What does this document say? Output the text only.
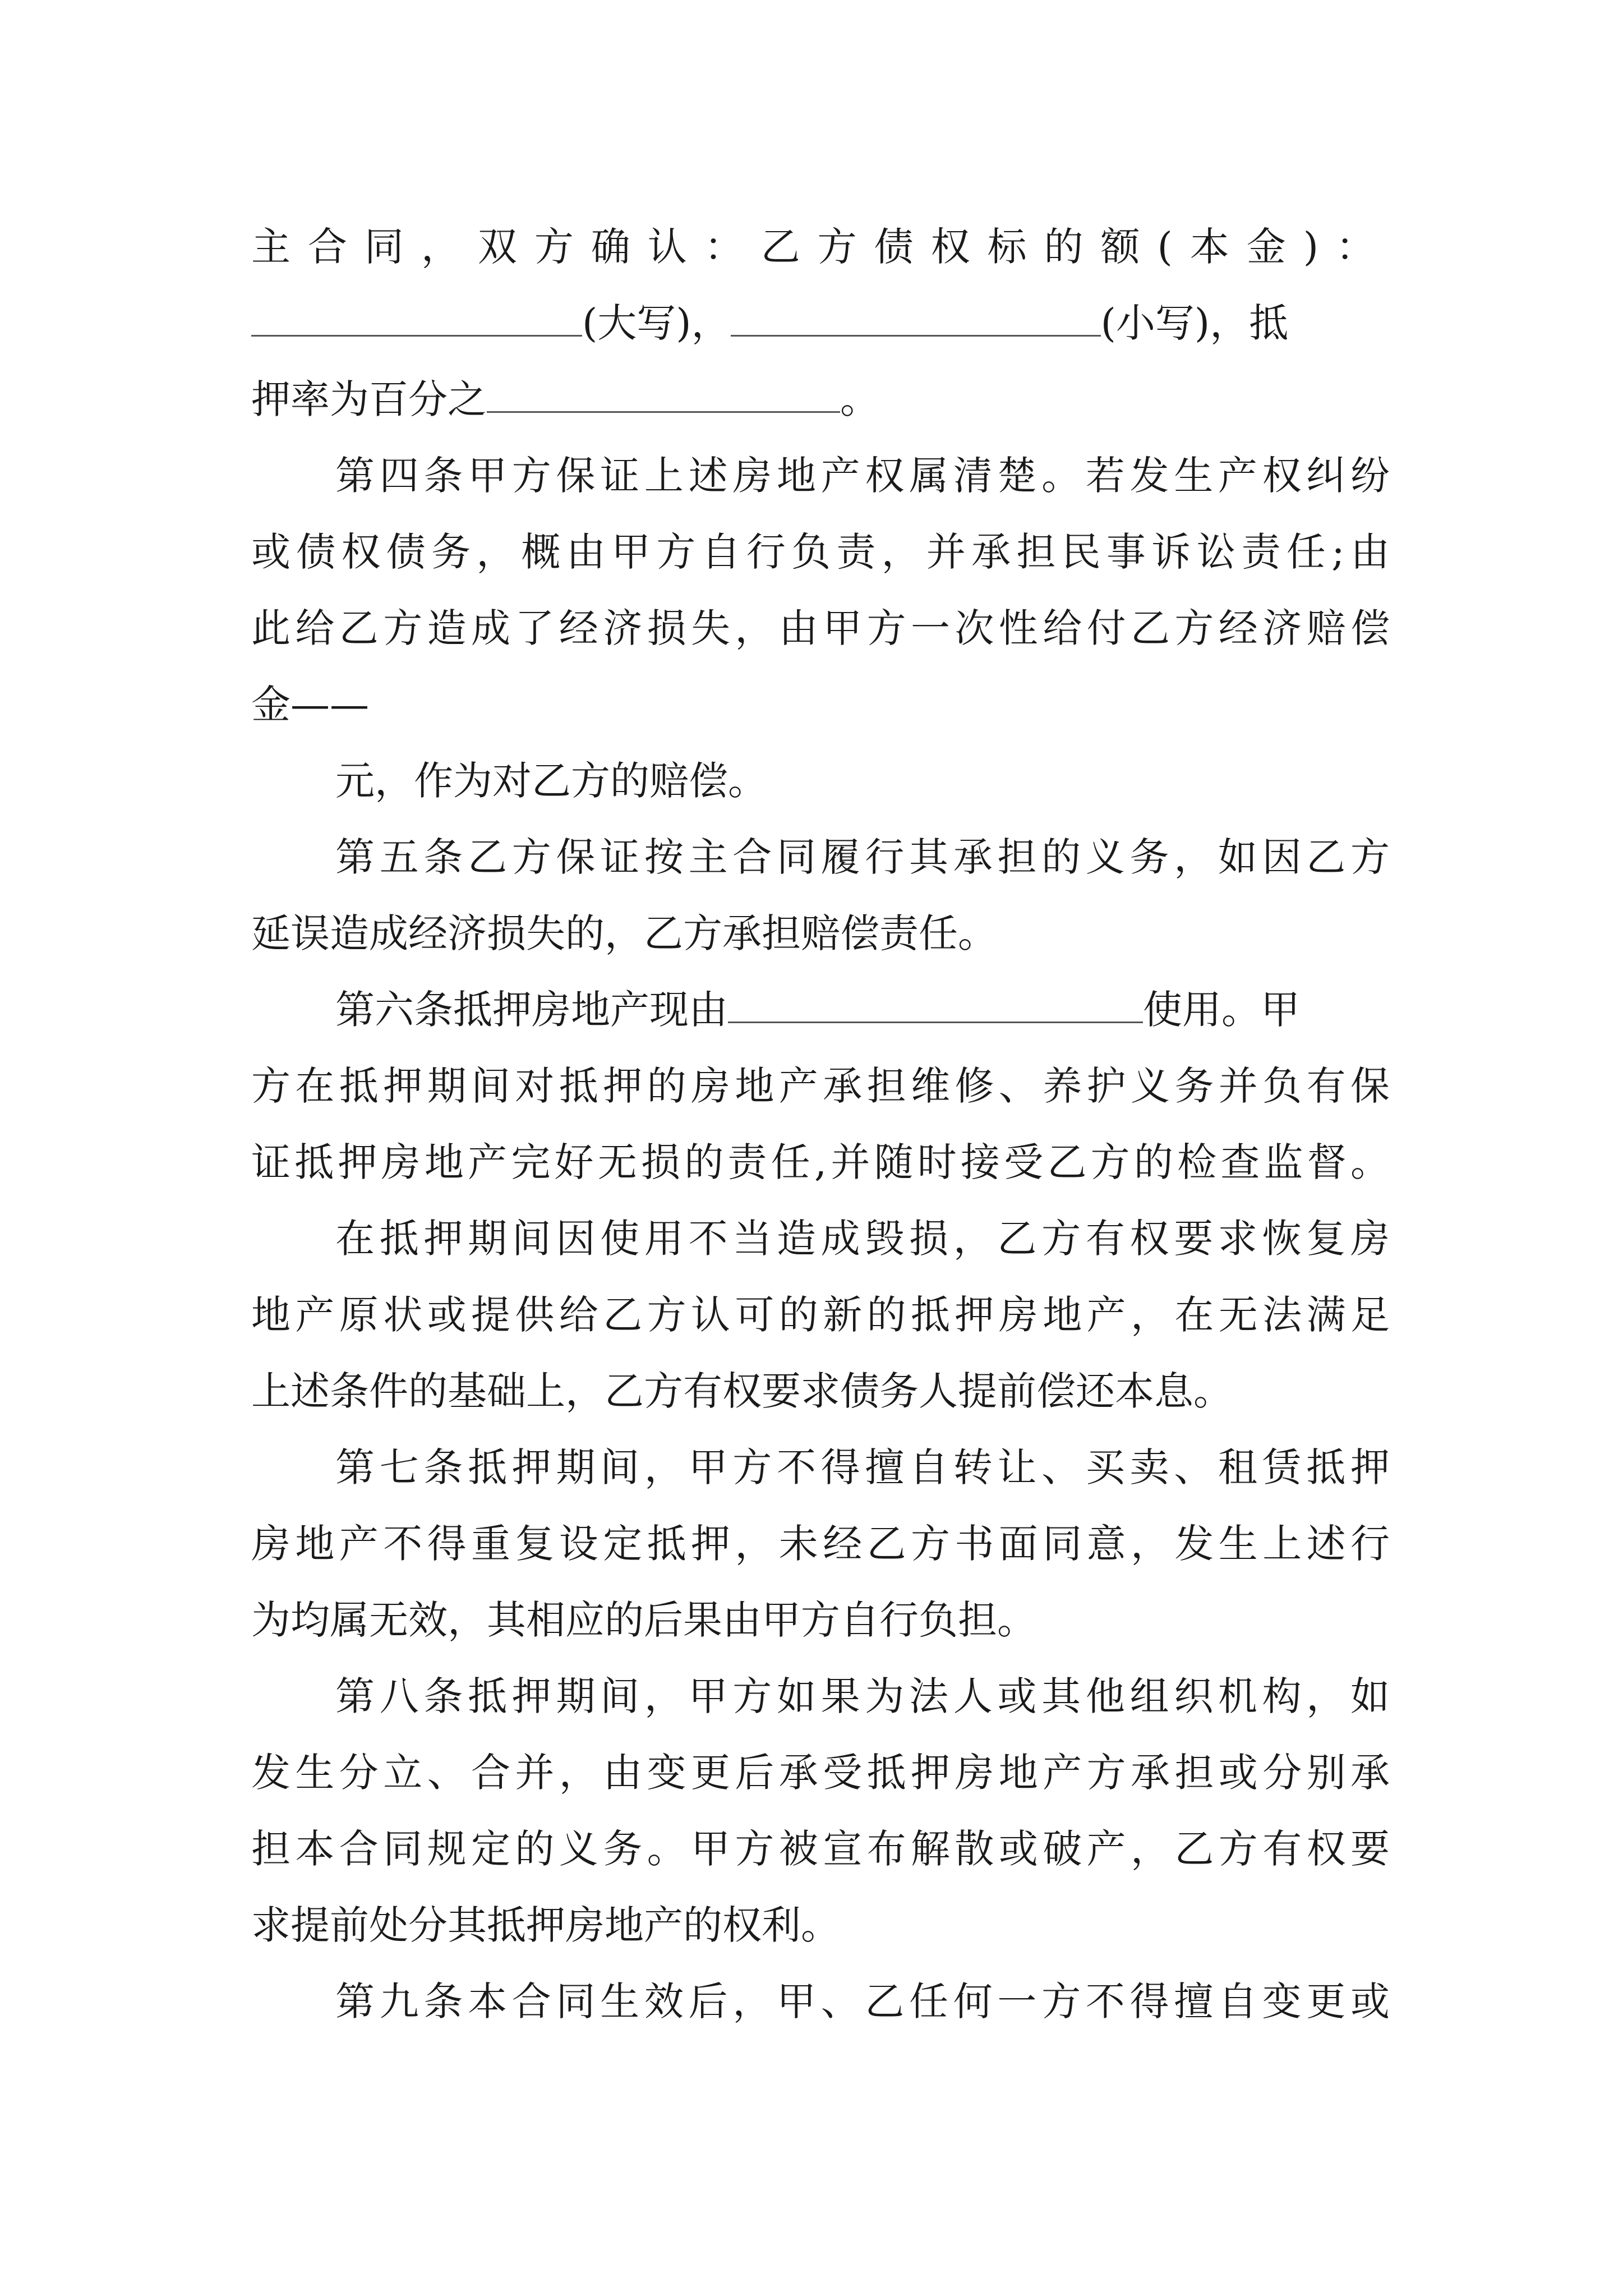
主合同，双方确认：乙方债权标的额(本金)：
(大写)，	(小写)，抵
押率为百分之	。
第四条甲方保证上述房地产权属清楚。若发生产权纠纷
或债权债务，概由甲方自行负责，并承担民事诉讼责任;由
此给乙方造成了经济损失，由甲方一次性给付乙方经济赔偿
金——
元，作为对乙方的赔偿。
第五条乙方保证按主合同履行其承担的义务，如因乙方
延误造成经济损失的，乙方承担赔偿责任。
第六条抵押房地产现由	使用。甲
方在抵押期间对抵押的房地产承担维修、养护义务并负有保
证抵押房地产完好无损的责任,并随时接受乙方的检查监督。
在抵押期间因使用不当造成毁损，乙方有权要求恢复房
地产原状或提供给乙方认可的新的抵押房地产，在无法满足
上述条件的基础上，乙方有权要求债务人提前偿还本息。
第七条抵押期间，甲方不得擅自转让、买卖、租赁抵押
房地产不得重复设定抵押，未经乙方书面同意，发生上述行
为均属无效，其相应的后果由甲方自行负担。
第八条抵押期间，甲方如果为法人或其他组织机构，如
发生分立、合并，由变更后承受抵押房地产方承担或分别承
担本合同规定的义务。甲方被宣布解散或破产，乙方有权要
求提前处分其抵押房地产的权利。
第九条本合同生效后，甲、乙任何一方不得擅自变更或
